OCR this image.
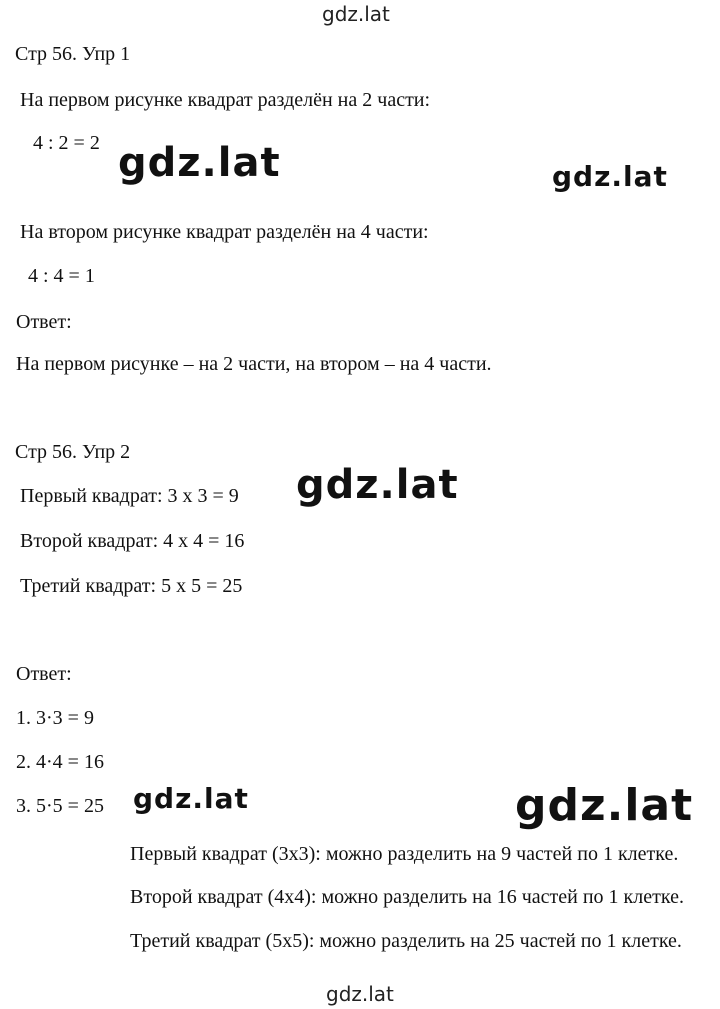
gdz.lat
Стр 56. Упр 1
На первом рисунке квадрат разделён на 2 части:
4 : 2 = 2
На втором рисунке квадрат разделён на 4 части:
4 : 4 = 1
Ответ:
На первом рисунке – на 2 части, на втором – на 4 части.
Стр 56. Упр 2
Первый квадрат: 3 х 3 = 9
Второй квадрат: 4 х 4 = 16
Третий квадрат: 5 х 5 = 25
Ответ:
1. 3·3 = 9
2. 4·4 = 16
3. 5·5 = 25
Первый квадрат (3х3): можно разделить на 9 частей по 1 клетке.
Второй квадрат (4х4): можно разделить на 16 частей по 1 клетке.
Третий квадрат (5х5): можно разделить на 25 частей по 1 клетке.
gdz.lat	gdz.lat
gdz.lat
gdz.lat	gdz.lat
gdz.lat
